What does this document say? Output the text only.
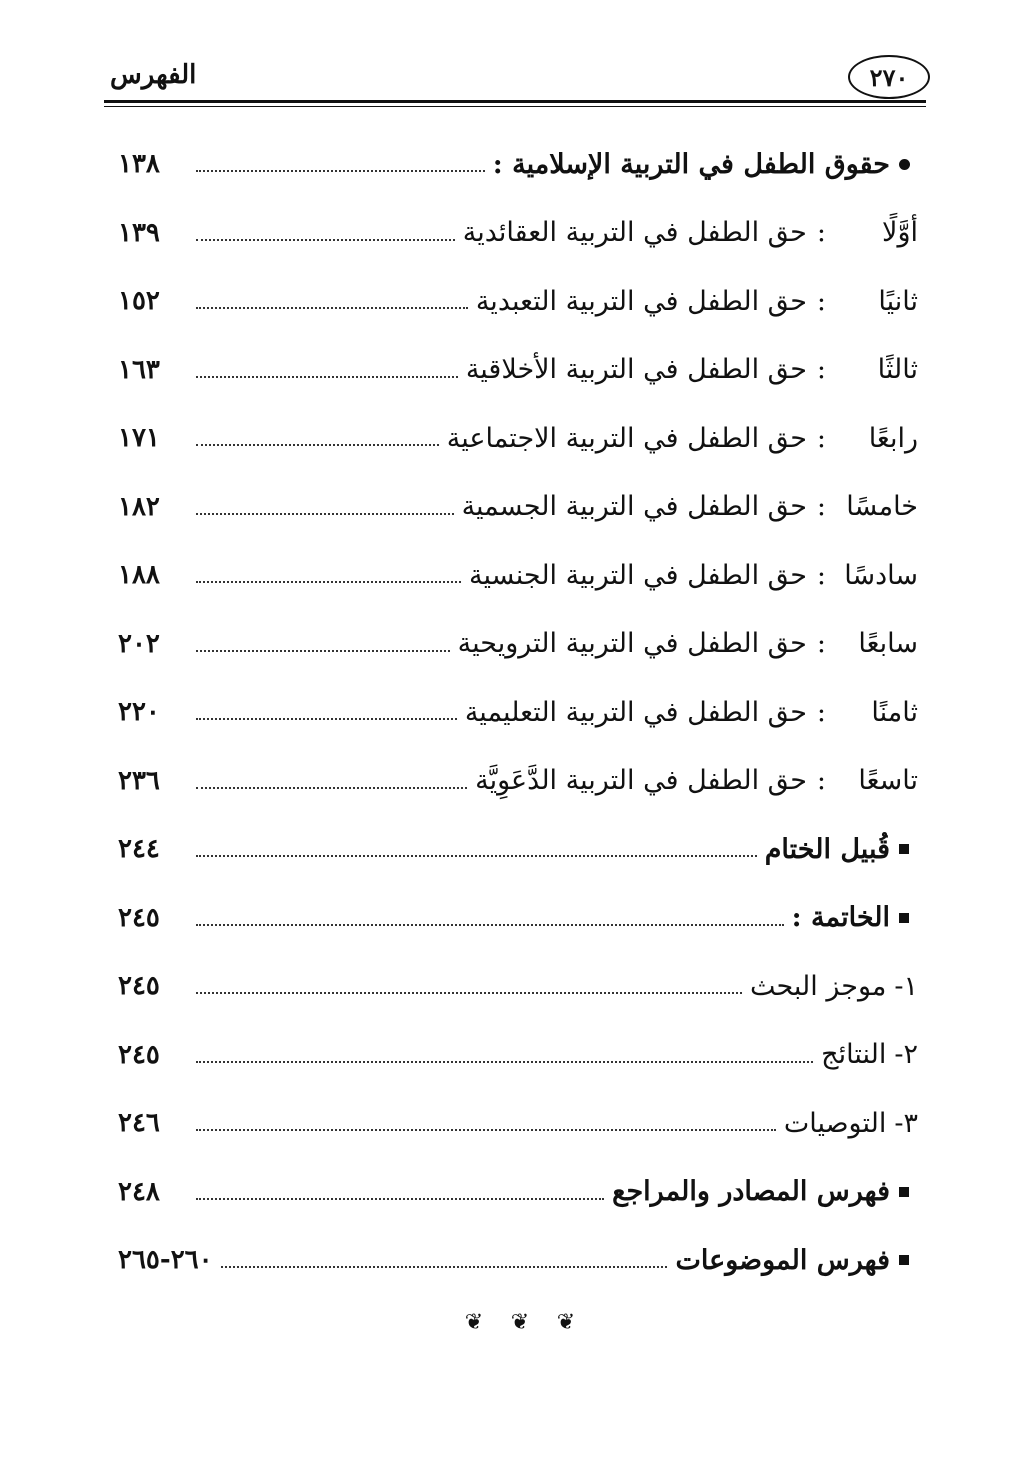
٢٧٠
الفهرس
حقوق الطفل في التربية الإسلامية :
١٣٨
أوَّلًا
:
حق الطفل في التربية العقائدية
١٣٩
ثانيًا
:
حق الطفل في التربية التعبدية
١٥٢
ثالثًا
:
حق الطفل في التربية الأخلاقية
١٦٣
رابعًا
:
حق الطفل في التربية الاجتماعية
١٧١
خامسًا
:
حق الطفل في التربية الجسمية
١٨٢
سادسًا
:
حق الطفل في التربية الجنسية
١٨٨
سابعًا
:
حق الطفل في التربية الترويحية
٢٠٢
ثامنًا
:
حق الطفل في التربية التعليمية
٢٢٠
تاسعًا
:
حق الطفل في التربية الدَّعَوِيَّة
٢٣٦
قُبيل الختام
٢٤٤
الخاتمة :
٢٤٥
١-
موجز البحث
٢٤٥
٢-
النتائج
٢٤٥
٣-
التوصيات
٢٤٦
فهرس المصادر والمراجع
٢٤٨
فهرس الموضوعات
٢٦٠-٢٦٥
❦ ❦ ❦
